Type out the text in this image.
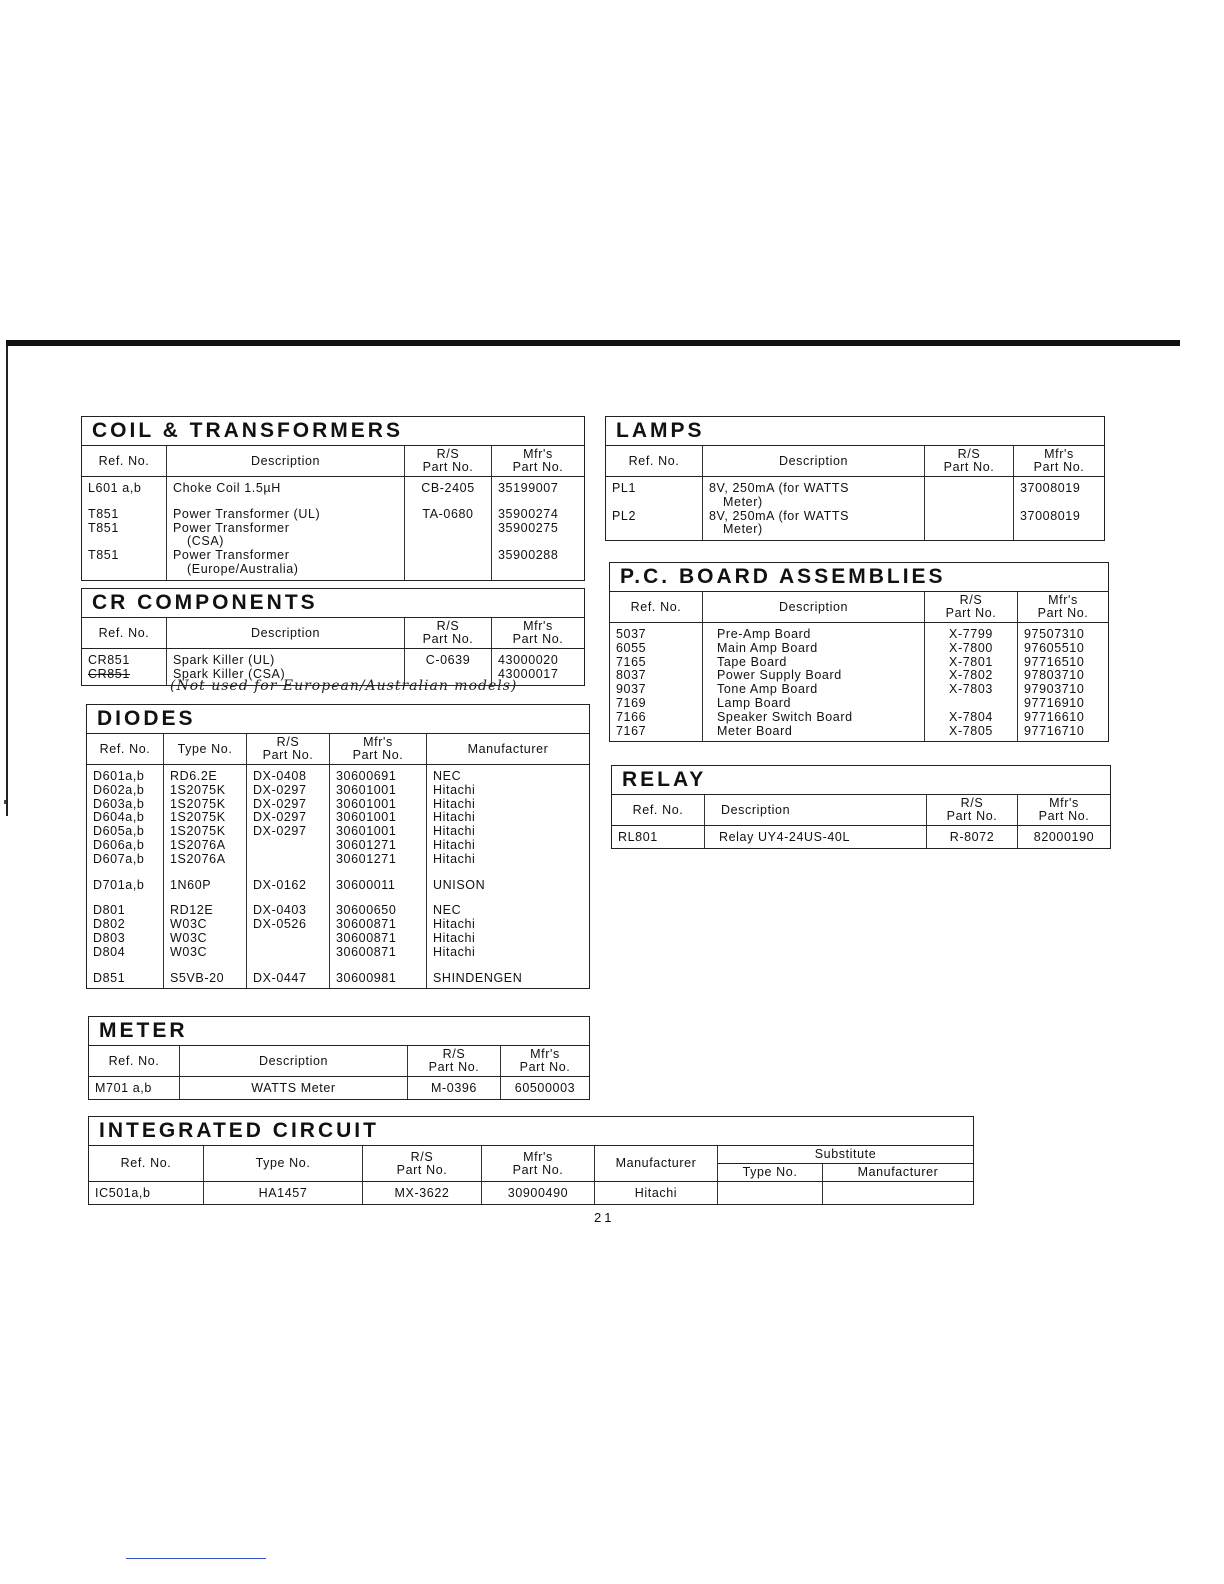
COIL & TRANSFORMERS
Ref. No.	Description	R/S
Part No.	Mfr's
Part No.
L601 a,b	Choke Coil 1.5µH	CB-2405	35199007

T851	Power Transformer (UL)	TA-0680	35900274
T851	Power Transformer
(CSA)		35900275
T851	Power Transformer
(Europe/Australia)		35900288
CR COMPONENTS
Ref. No.	Description	R/S
Part No.	Mfr's
Part No.
CR851	Spark Killer (UL)	C-0639	43000020
CR851	Spark Killer (CSA)		43000017
(Not used for European/Australian models)
DIODES
Ref. No.	Type No.	R/S
Part No.	Mfr's
Part No.	Manufacturer
D601a,b	RD6.2E	DX-0408	30600691	NEC
D602a,b	1S2075K	DX-0297	30601001	Hitachi
D603a,b	1S2075K	DX-0297	30601001	Hitachi
D604a,b	1S2075K	DX-0297	30601001	Hitachi
D605a,b	1S2075K	DX-0297	30601001	Hitachi
D606a,b	1S2076A		30601271	Hitachi
D607a,b	1S2076A		30601271	Hitachi

D701a,b	1N60P	DX-0162	30600011	UNISON

D801	RD12E	DX-0403	30600650	NEC
D802	W03C	DX-0526	30600871	Hitachi
D803	W03C		30600871	Hitachi
D804	W03C		30600871	Hitachi

D851	S5VB-20	DX-0447	30600981	SHINDENGEN
METER
Ref. No.	Description	R/S
Part No.	Mfr's
Part No.
M701 a,b	WATTS Meter	M-0396	60500003
INTEGRATED CIRCUIT
Ref. No.	Type No.	R/S
Part No.	Mfr's
Part No.	Manufacturer	Substitute	
					Type No.	Manufacturer
IC501a,b	HA1457	MX-3622	30900490	Hitachi		
LAMPS
Ref. No.	Description	R/S
Part No.	Mfr's
Part No.
PL1	8V, 250mA (for WATTS
Meter)		37008019
PL2	8V, 250mA (for WATTS
Meter)		37008019
P.C. BOARD ASSEMBLIES
Ref. No.	Description	R/S
Part No.	Mfr's
Part No.
5037	Pre-Amp Board	X-7799	97507310
6055	Main Amp Board	X-7800	97605510
7165	Tape Board	X-7801	97716510
8037	Power Supply Board	X-7802	97803710
9037	Tone Amp Board	X-7803	97903710
7169	Lamp Board		97716910
7166	Speaker Switch Board	X-7804	97716610
7167	Meter Board	X-7805	97716710
RELAY
Ref. No.	Description	R/S
Part No.	Mfr's
Part No.
RL801	Relay UY4-24US-40L	R-8072	82000190
21
